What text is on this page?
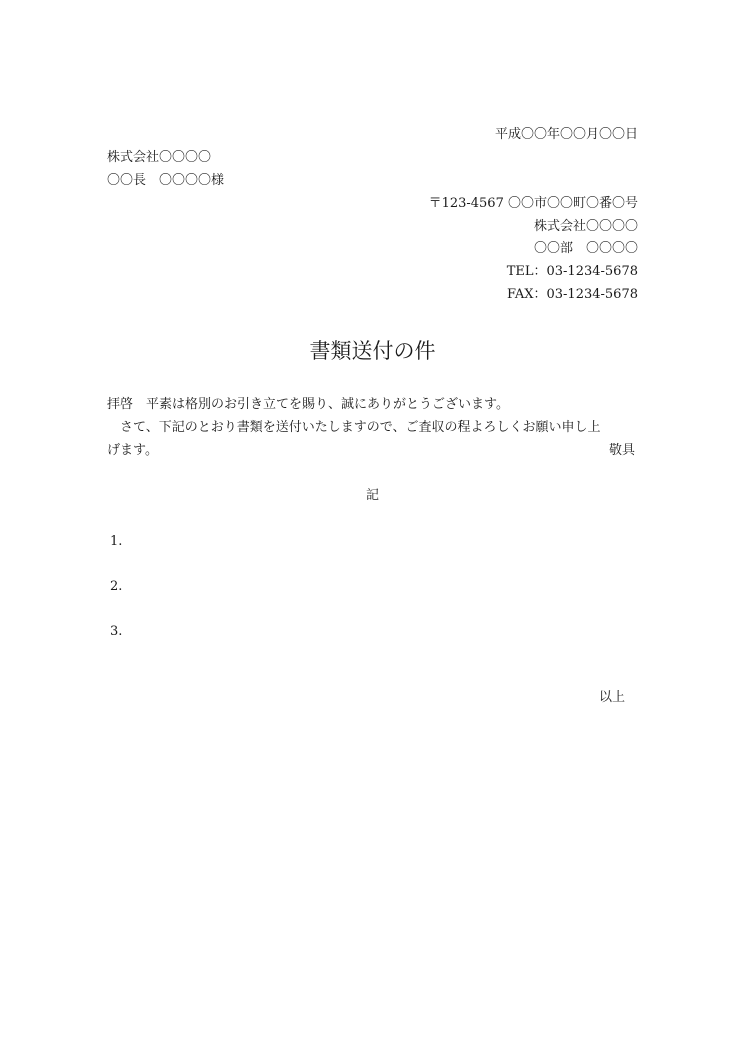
平成〇〇年〇〇月〇〇日
株式会社〇〇〇〇
〇〇長　〇〇〇〇様
〒123-4567 〇〇市〇〇町〇番〇号
株式会社〇〇〇〇
〇〇部　〇〇〇〇
TEL：03-1234-5678
FAX：03-1234-5678
書類送付の件
拝啓　平素は格別のお引き立てを賜り、誠にありがとうございます。
　さて、下記のとおり書類を送付いたしますので、ご査収の程よろしくお願い申し上
げます。	敬具
記
1.
2.
3.
以上
